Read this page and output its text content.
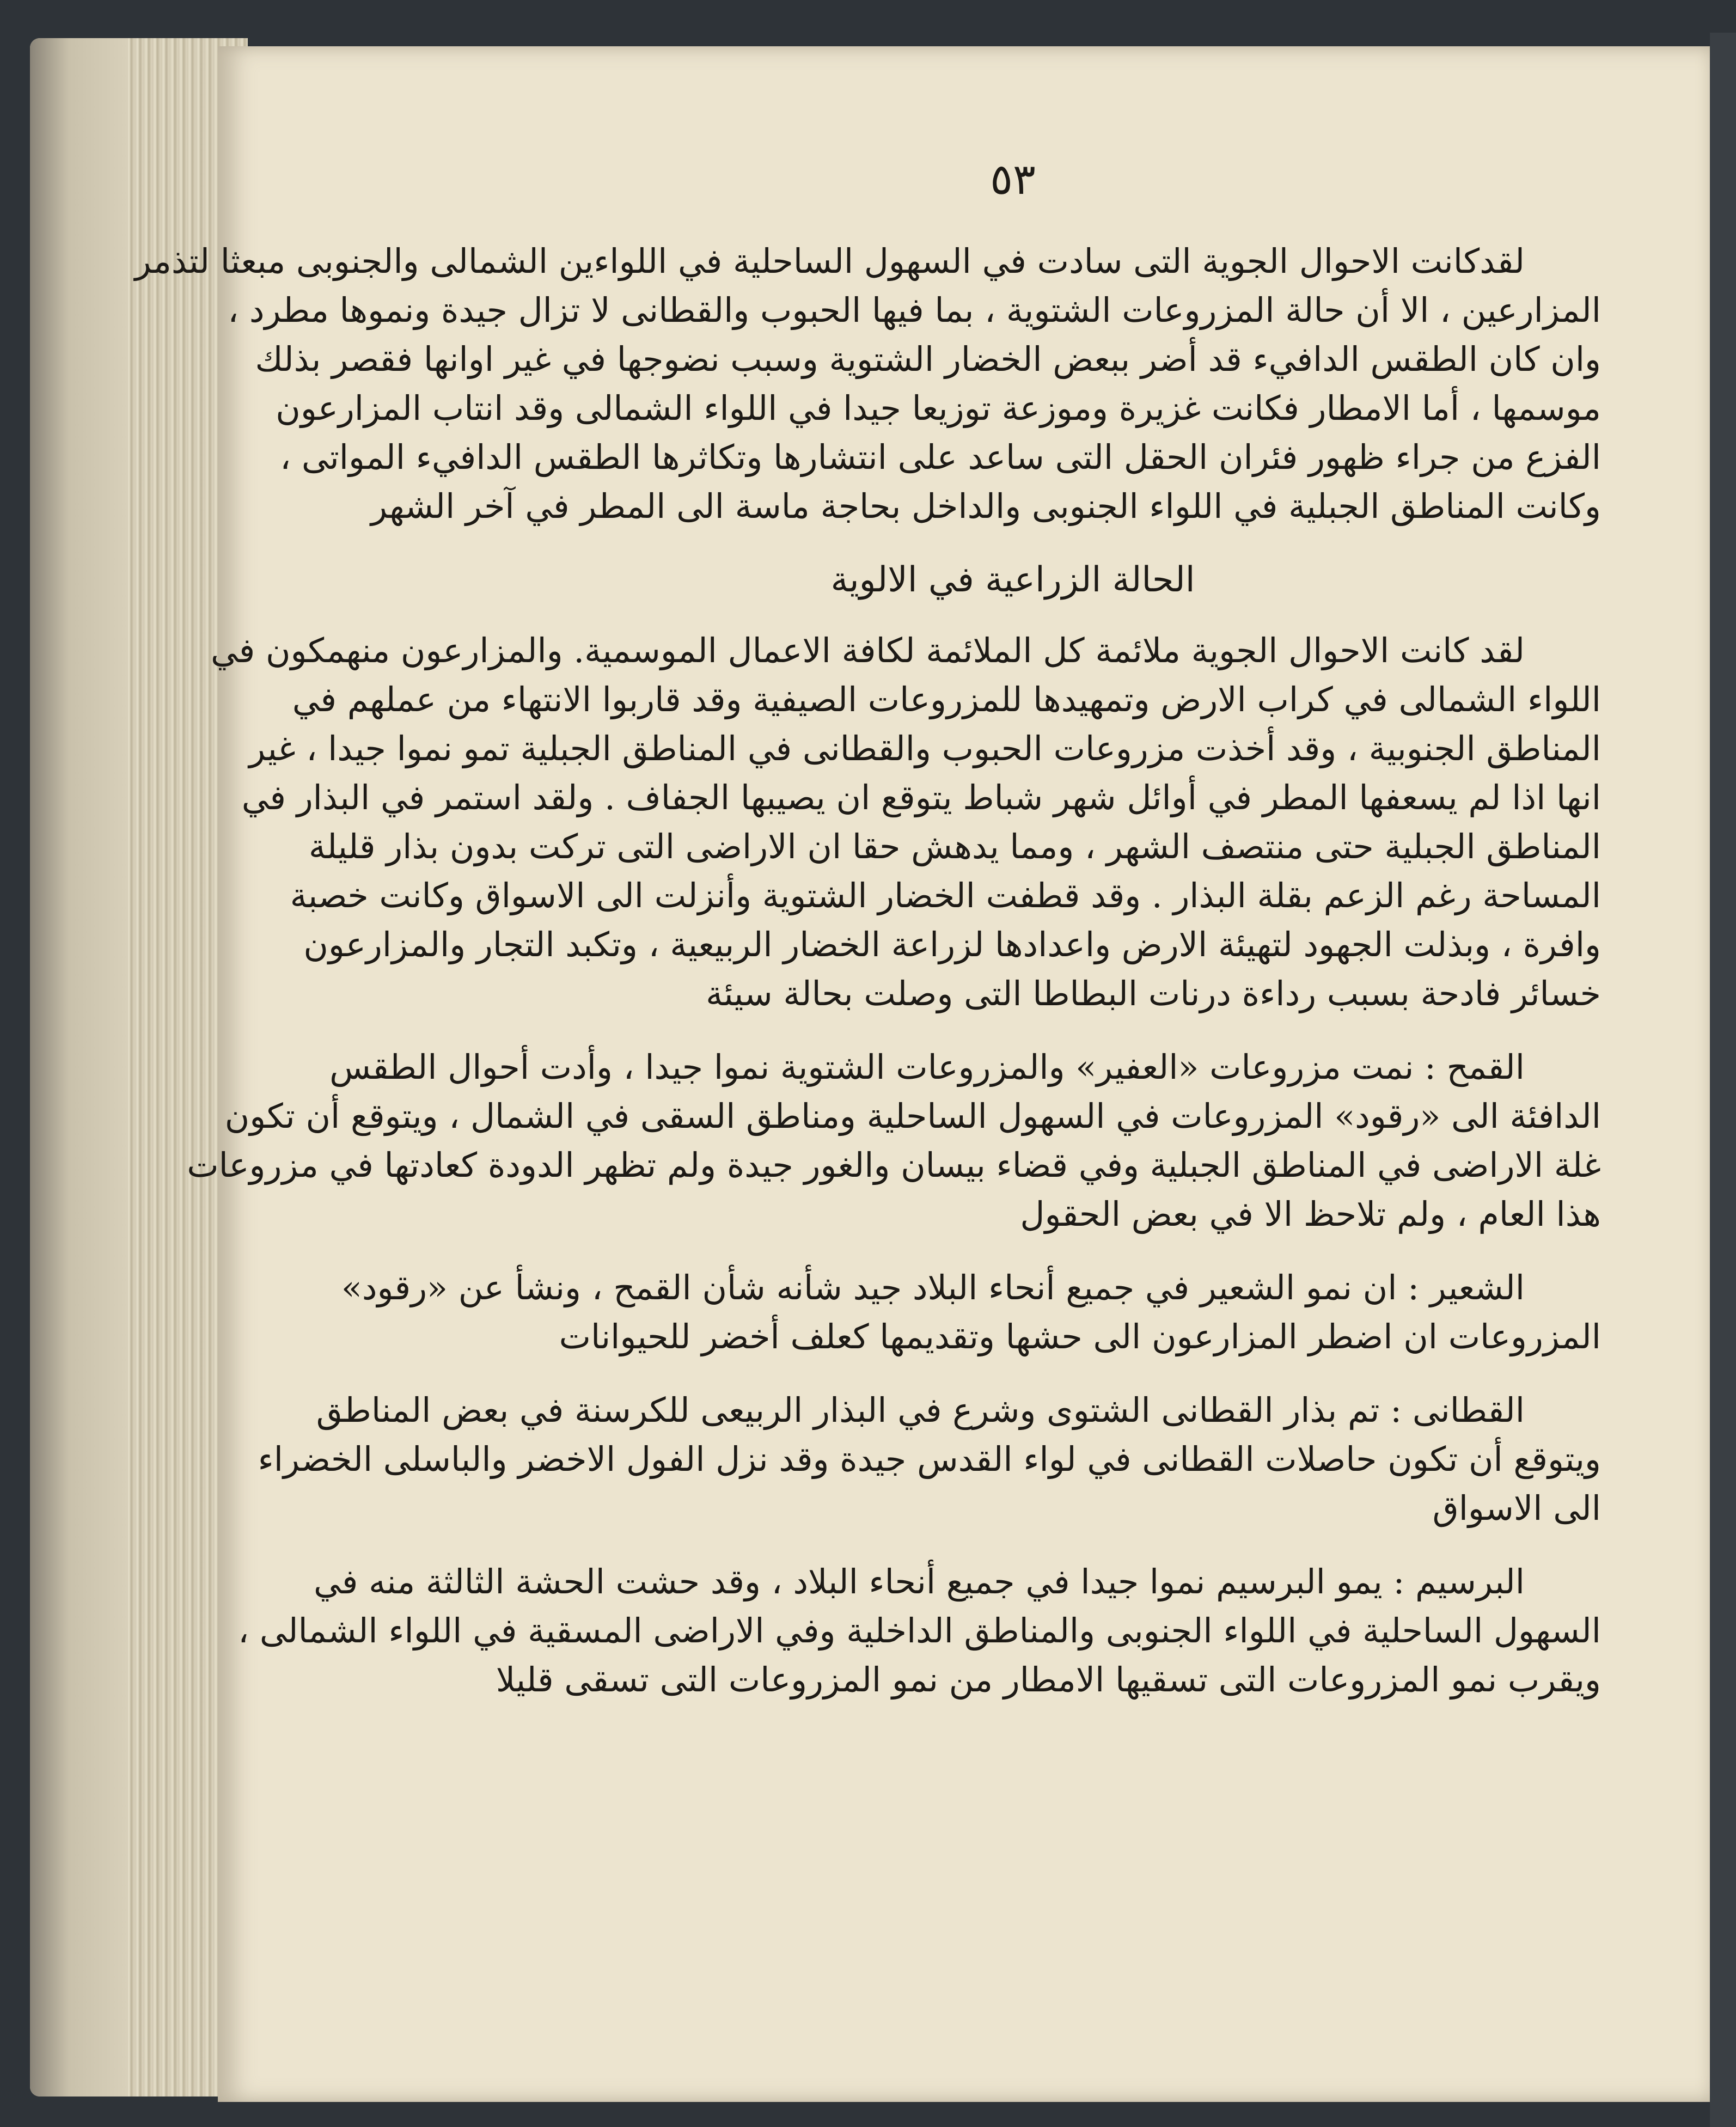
٥٣
لقدكانت الاحوال الجوية التى سادت في السهول الساحلية في اللواءين الشمالى والجنوبى مبعثا لتذمر
المزارعين ، الا أن حالة المزروعات الشتوية ، بما فيها الحبوب والقطانى لا تزال جيدة ونموها مطرد ،
وان كان الطقس الدافيء قد أضر ببعض الخضار الشتوية وسبب نضوجها في غير اوانها فقصر بذلك
موسمها ، أما الامطار فكانت غزيرة وموزعة توزيعا جيدا في اللواء الشمالى وقد انتاب المزارعون
الفزع من جراء ظهور فئران الحقل التى ساعد على انتشارها وتكاثرها الطقس الدافيء المواتى ،
وكانت المناطق الجبلية في اللواء الجنوبى والداخل بحاجة ماسة الى المطر في آخر الشهر
الحالة الزراعية في الالوية
لقد كانت الاحوال الجوية ملائمة كل الملائمة لكافة الاعمال الموسمية. والمزارعون منهمكون في
اللواء الشمالى في كراب الارض وتمهيدها للمزروعات الصيفية وقد قاربوا الانتهاء من عملهم في
المناطق الجنوبية ، وقد أخذت مزروعات الحبوب والقطانى في المناطق الجبلية تمو نموا جيدا ، غير
انها اذا لم يسعفها المطر في أوائل شهر شباط يتوقع ان يصيبها الجفاف . ولقد استمر في البذار في
المناطق الجبلية حتى منتصف الشهر ، ومما يدهش حقا ان الاراضى التى تركت بدون بذار قليلة
المساحة رغم الزعم بقلة البذار . وقد قطفت الخضار الشتوية وأنزلت الى الاسواق وكانت خصبة
وافرة ، وبذلت الجهود لتهيئة الارض واعدادها لزراعة الخضار الربيعية ، وتكبد التجار والمزارعون
خسائر فادحة بسبب رداءة درنات البطاطا التى وصلت بحالة سيئة
القمح : نمت مزروعات «العفير» والمزروعات الشتوية نموا جيدا ، وأدت أحوال الطقس
الدافئة الى «رقود» المزروعات في السهول الساحلية ومناطق السقى في الشمال ، ويتوقع أن تكون
غلة الاراضى في المناطق الجبلية وفي قضاء بيسان والغور جيدة ولم تظهر الدودة كعادتها في مزروعات
هذا العام ، ولم تلاحظ الا في بعض الحقول
الشعير : ان نمو الشعير في جميع أنحاء البلاد جيد شأنه شأن القمح ، ونشأ عن «رقود»
المزروعات ان اضطر المزارعون الى حشها وتقديمها كعلف أخضر للحيوانات
القطانى : تم بذار القطانى الشتوى وشرع في البذار الربيعى للكرسنة في بعض المناطق
ويتوقع أن تكون حاصلات القطانى في لواء القدس جيدة وقد نزل الفول الاخضر والباسلى الخضراء
الى الاسواق
البرسيم : يمو البرسيم نموا جيدا في جميع أنحاء البلاد ، وقد حشت الحشة الثالثة منه في
السهول الساحلية في اللواء الجنوبى والمناطق الداخلية وفي الاراضى المسقية في اللواء الشمالى ،
ويقرب نمو المزروعات التى تسقيها الامطار من نمو المزروعات التى تسقى قليلا
